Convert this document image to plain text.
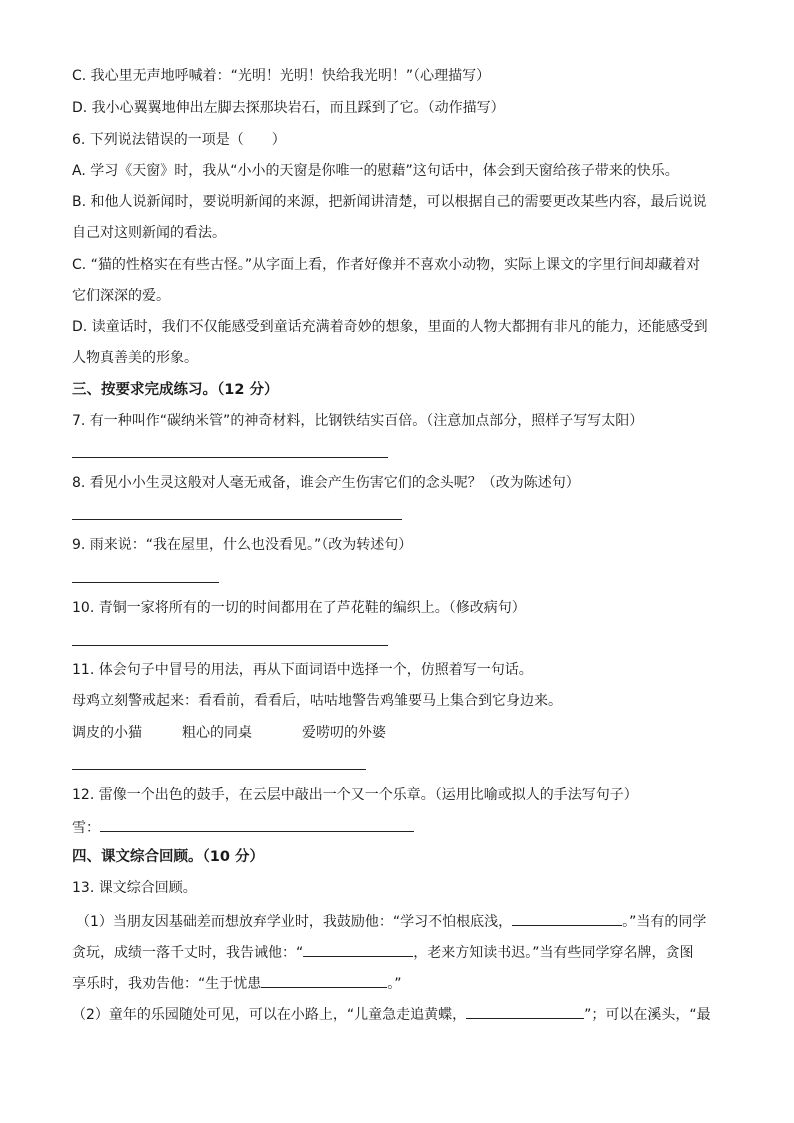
C. 我心里无声地呼喊着：“光明！光明！快给我光明！”（心理描写）
D. 我小心翼翼地伸出左脚去探那块岩石，而且踩到了它。（动作描写）
6. 下列说法错误的一项是（　　）
A. 学习《天窗》时，我从“小小的天窗是你唯一的慰藉”这句话中，体会到天窗给孩子带来的快乐。
B. 和他人说新闻时，要说明新闻的来源，把新闻讲清楚，可以根据自己的需要更改某些内容，最后说说
自己对这则新闻的看法。
C. “猫的性格实在有些古怪。”从字面上看，作者好像并不喜欢小动物，实际上课文的字里行间却藏着对
它们深深的爱。
D. 读童话时，我们不仅能感受到童话充满着奇妙的想象，里面的人物大都拥有非凡的能力，还能感受到
人物真善美的形象。
三、按要求完成练习。（12 分）
7. 有一种叫作“碳纳米管”的神奇材料，比钢铁结实百倍。（注意加点部分，照样子写写太阳）
8. 看见小小生灵这般对人毫无戒备，谁会产生伤害它们的念头呢？（改为陈述句）
9. 雨来说：“我在屋里，什么也没看见。”（改为转述句）
10. 青铜一家将所有的一切的时间都用在了芦花鞋的编织上。（修改病句）
11. 体会句子中冒号的用法，再从下面词语中选择一个，仿照着写一句话。
母鸡立刻警戒起来：看看前，看看后，咕咕地警告鸡雏要马上集合到它身边来。
调皮的小猫	粗心的同桌	爱唠叨的外婆
12. 雷像一个出色的鼓手，在云层中敲出一个又一个乐章。（运用比喻或拟人的手法写句子）
雪：
四、课文综合回顾。（10 分）
13. 课文综合回顾。
（1）当朋友因基础差而想放弃学业时，我鼓励他：“学习不怕根底浅，	。”当有的同学
贪玩，成绩一落千丈时，我告诫他：“	，老来方知读书迟。”当有些同学穿名牌，贪图
享乐时，我劝告他：“生于忧患	。”
（2）童年的乐园随处可见，可以在小路上，“儿童急走追黄蝶，	”；可以在溪头，“最
